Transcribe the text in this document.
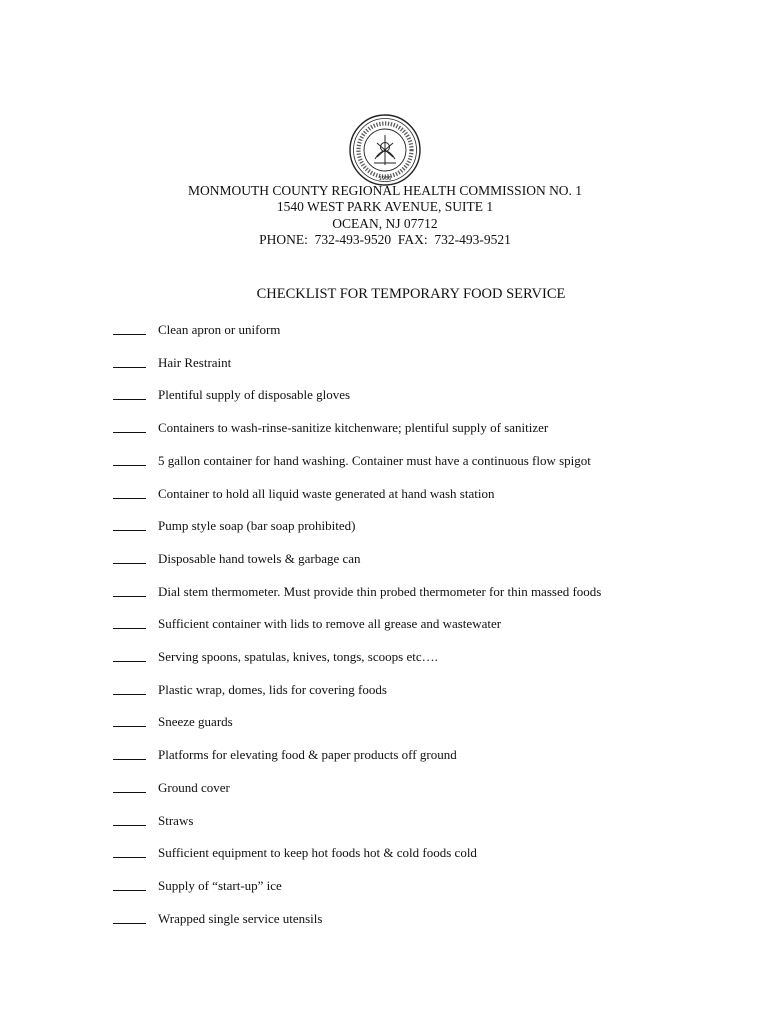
1936
MONMOUTH COUNTY REGIONAL HEALTH COMMISSION NO. 1
1540 WEST PARK AVENUE, SUITE 1
OCEAN, NJ 07712
PHONE:  732-493-9520  FAX:  732-493-9521
CHECKLIST FOR TEMPORARY FOOD SERVICE
Clean apron or uniform
Hair Restraint
Plentiful supply of disposable gloves
Containers to wash-rinse-sanitize kitchenware; plentiful supply of sanitizer
5 gallon container for hand washing. Container must have a continuous flow spigot
Container to hold all liquid waste generated at hand wash station
Pump style soap (bar soap prohibited)
Disposable hand towels & garbage can
Dial stem thermometer. Must provide thin probed thermometer for thin massed foods
Sufficient container with lids to remove all grease and wastewater
Serving spoons, spatulas, knives, tongs, scoops etc….
Plastic wrap, domes, lids for covering foods
Sneeze guards
Platforms for elevating food & paper products off ground
Ground cover
Straws
Sufficient equipment to keep hot foods hot & cold foods cold
Supply of “start-up” ice
Wrapped single service utensils
